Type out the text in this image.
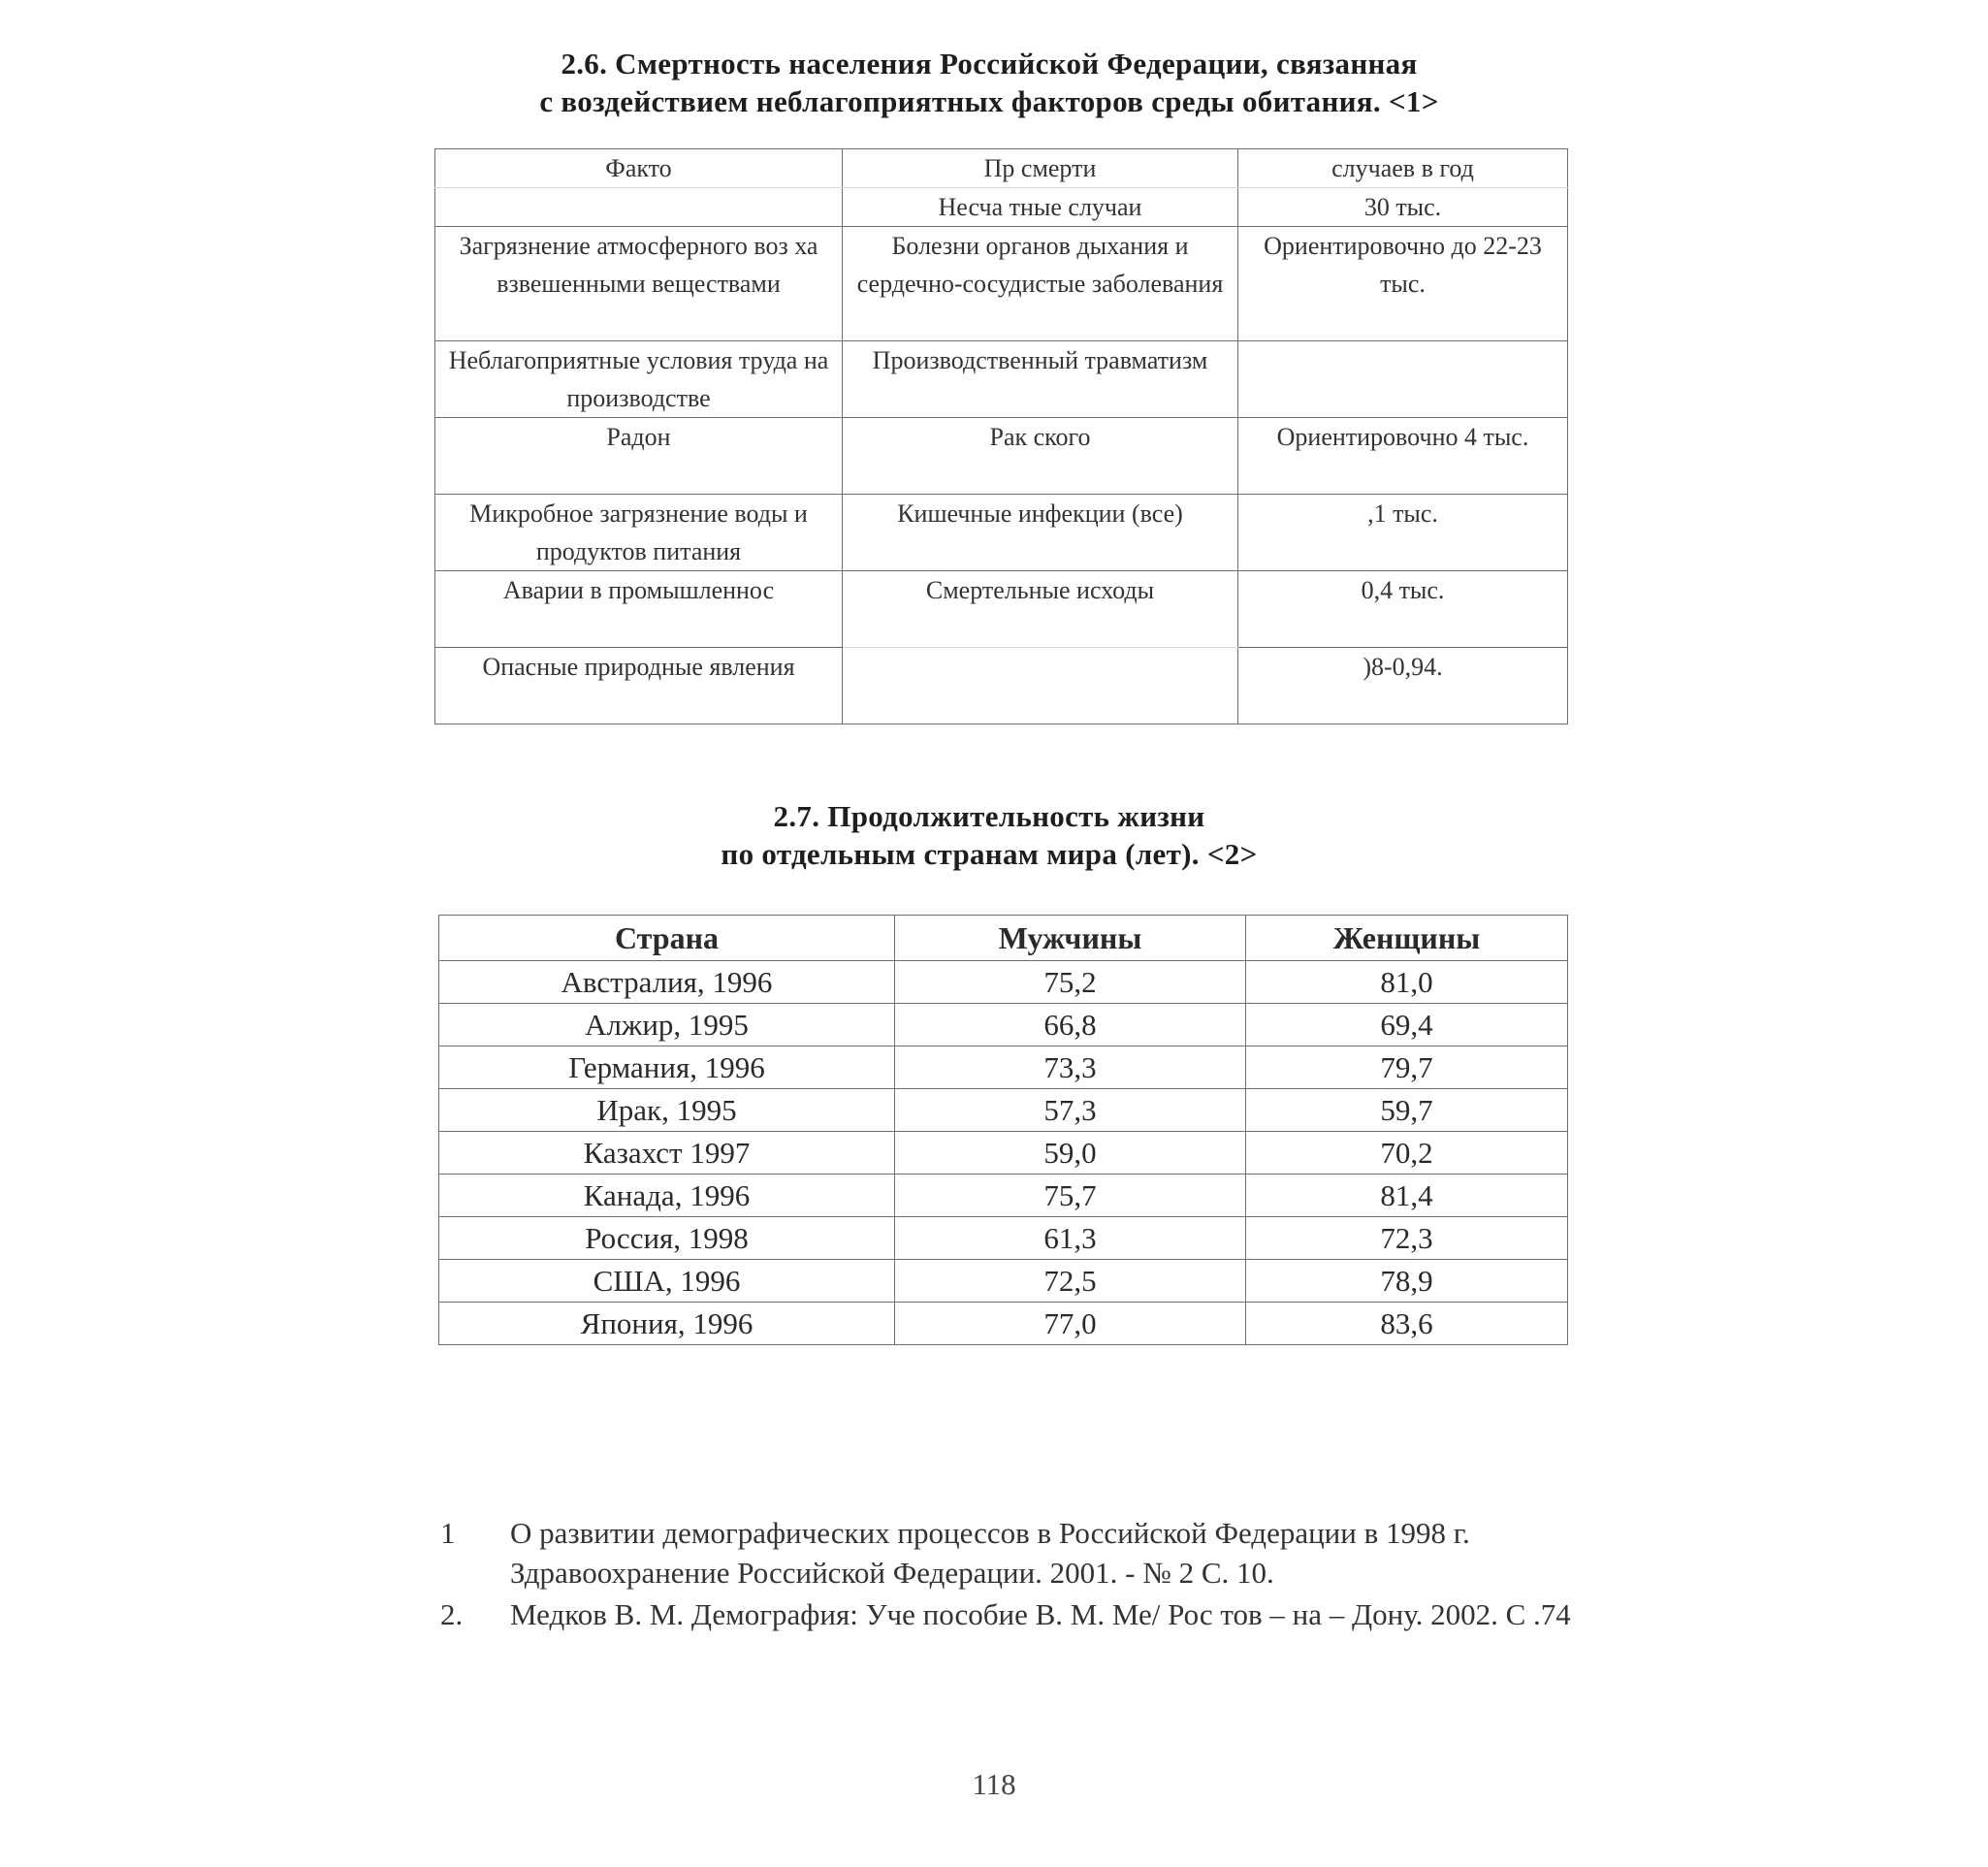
2.6. Смертность населения Российской Федерации, связанная
с воздействием неблагоприятных факторов среды обитания. <1>
Факто	Пр смерти	случаев в год
	Несча тные случаи	30 тыс.
Загрязнение атмосферного воз ха взвешенными веществами	Болезни органов дыхания и сердечно-сосудистые заболевания	Ориентировочно до 22-23 тыс.
Неблагоприятные условия труда на производстве	Производственный травматизм	
Радон	Рак ского	Ориентировочно 4 тыс.
Микробное загрязнение воды и продуктов питания	Кишечные инфекции (все)	,1 тыс.
Аварии в промышленнос	Смертельные исходы	0,4 тыс.
Опасные природные явления		)8-0,94.
2.7. Продолжительность жизни
по отдельным странам мира (лет). <2>
Страна	Мужчины	Женщины
Австралия, 1996	75,2	81,0
Алжир, 1995	66,8	69,4
Германия, 1996	73,3	79,7
Ирак, 1995	57,3	59,7
Казахст 1997	59,0	70,2
Канада, 1996	75,7	81,4
Россия, 1998	61,3	72,3
США, 1996	72,5	78,9
Япония, 1996	77,0	83,6
1 О развитии демографических процессов в Российской Федерации в 1998 г. Здравоохранение Российской Федерации. 2001. - № 2 С. 10.
2. Медков В. М. Демография: Уче пособие В. М. Ме/ Рос тов – на – Дону. 2002. С .74
118
